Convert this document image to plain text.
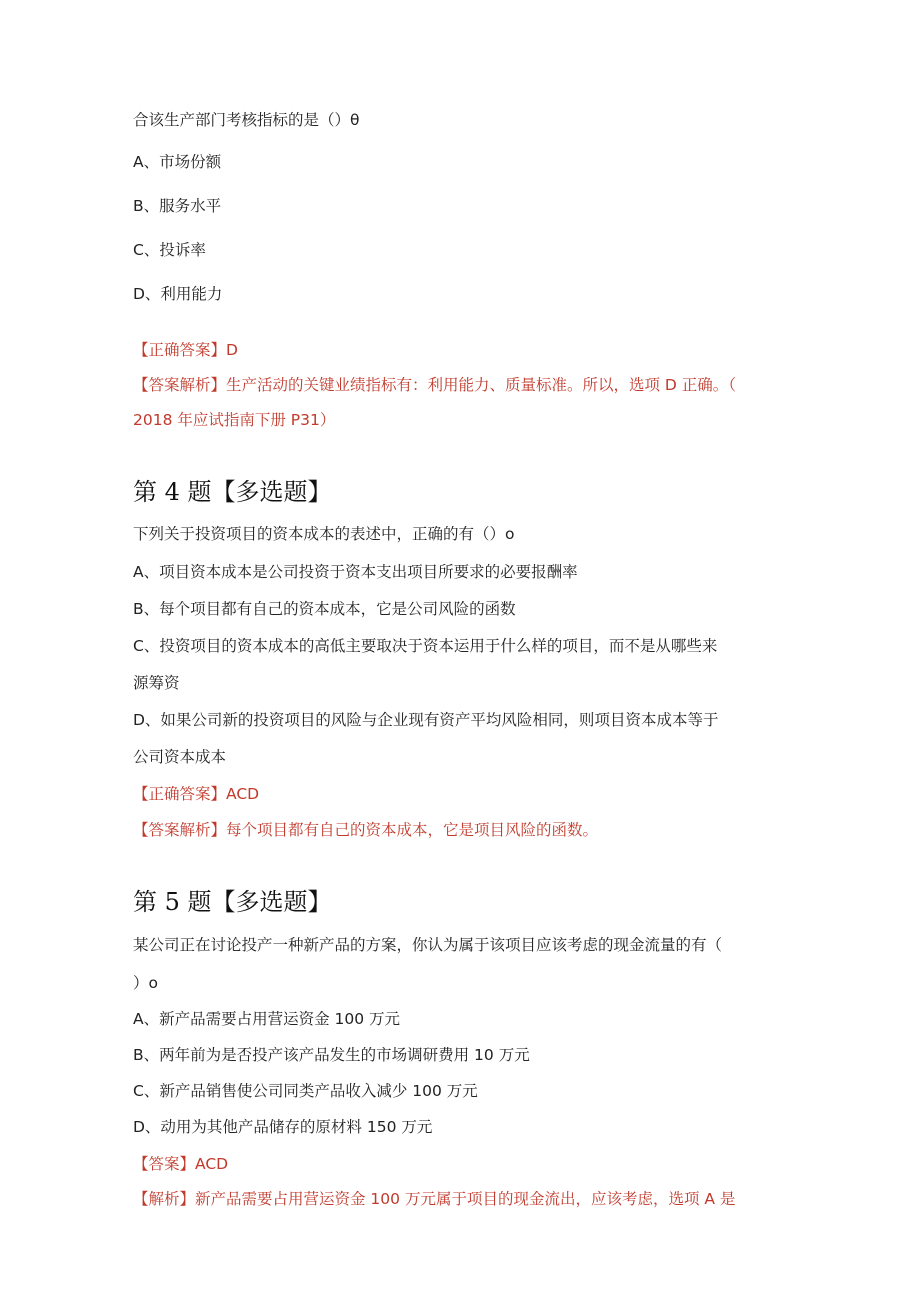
合该生产部门考核指标的是（）θ
A、市场份额
B、服务水平
C、投诉率
D、利用能力
【正确答案】D
【答案解析】生产活动的关键业绩指标有：利用能力、质量标准。所以，选项 D 正确。（
2018 年应试指南下册 P31）
第 4 题【多选题】
下列关于投资项目的资本成本的表述中，正确的有（）o
A、项目资本成本是公司投资于资本支出项目所要求的必要报酬率
B、每个项目都有自己的资本成本，它是公司风险的函数
C、投资项目的资本成本的高低主要取决于资本运用于什么样的项目，而不是从哪些来
源筹资
D、如果公司新的投资项目的风险与企业现有资产平均风险相同，则项目资本成本等于
公司资本成本
【正确答案】ACD
【答案解析】每个项目都有自己的资本成本，它是项目风险的函数。
第 5 题【多选题】
某公司正在讨论投产一种新产品的方案，你认为属于该项目应该考虑的现金流量的有（
）o
A、新产品需要占用营运资金 100 万元
B、两年前为是否投产该产品发生的市场调研费用 10 万元
C、新产品销售使公司同类产品收入减少 100 万元
D、动用为其他产品储存的原材料 150 万元
【答案】ACD
【解析】新产品需要占用营运资金 100 万元属于项目的现金流出，应该考虑，选项 A 是
